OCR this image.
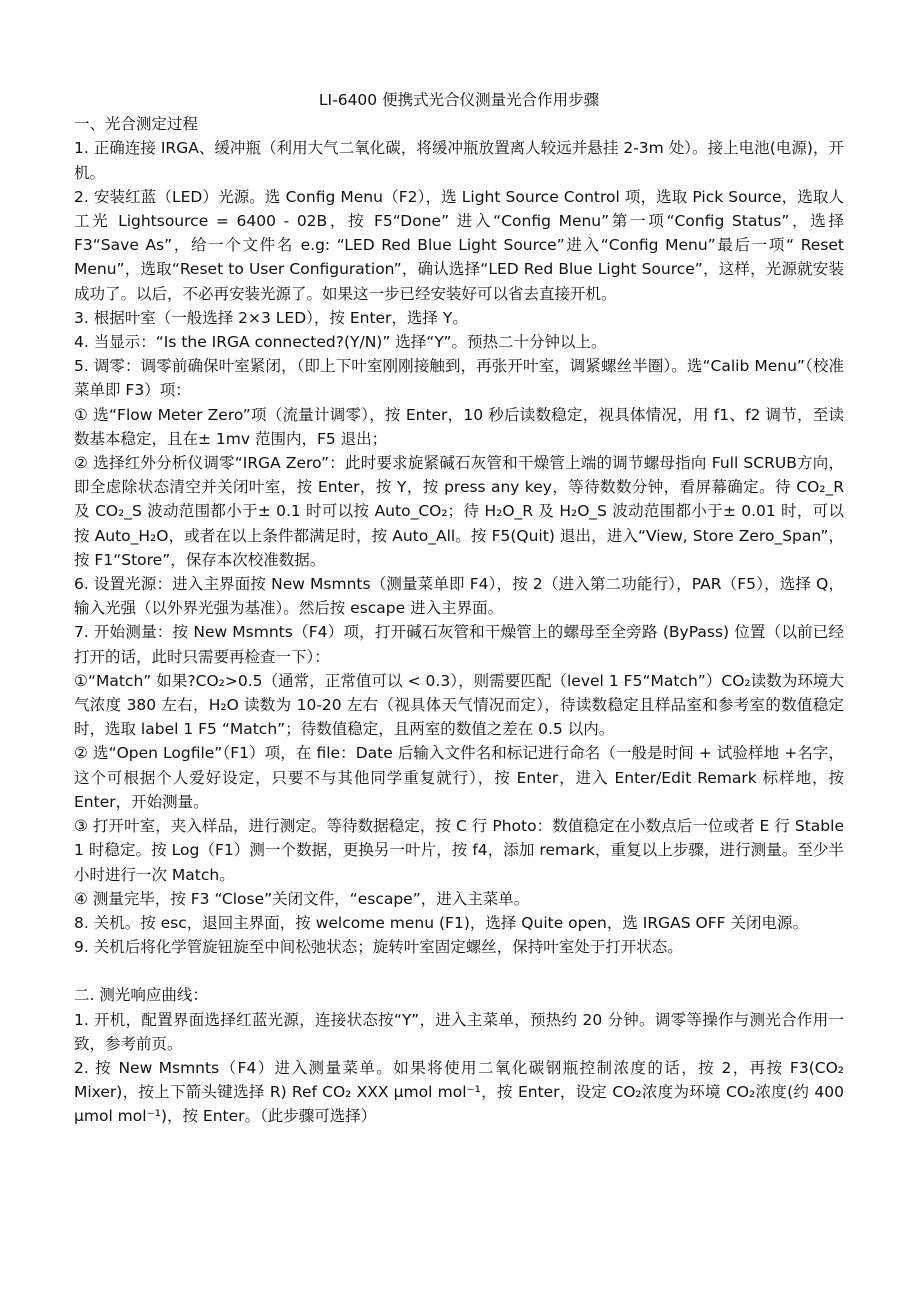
LI-6400 便携式光合仪测量光合作用步骤
一、光合测定过程
1. 正确连接 IRGA、缓冲瓶（利用大气二氧化碳，将缓冲瓶放置离人较远并悬挂 2-3m 处）。接上电池(电源)，开机。
2. 安装红蓝（LED）光源。选 Config Menu（F2），选 Light Source Control 项，选取 Pick Source，选取人工光 Lightsource = 6400 - 02B，按 F5“Done” 进入“Config Menu”第一项“Config Status”，选择 F3“Save As”，给一个文件名 e.g: “LED Red Blue Light Source”进入“Config Menu”最后一项“ Reset Menu”，选取“Reset to User Configuration”，确认选择“LED Red Blue Light Source”，这样，光源就安装成功了。以后，不必再安装光源了。如果这一步已经安装好可以省去直接开机。
3. 根据叶室（一般选择 2×3 LED），按 Enter，选择 Y。
4. 当显示：“Is the IRGA connected?(Y/N)” 选择“Y”。预热二十分钟以上。
5. 调零：调零前确保叶室紧闭，（即上下叶室刚刚接触到，再张开叶室，调紧螺丝半圈）。选“Calib Menu”（校准菜单即 F3）项：
① 选“Flow Meter Zero”项（流量计调零），按 Enter，10 秒后读数稳定，视具体情况，用 f1、f2 调节，至读数基本稳定，且在± 1mv 范围内，F5 退出；
② 选择红外分析仪调零“IRGA Zero”：此时要求旋紧碱石灰管和干燥管上端的调节螺母指向 Full SCRUB方向，即全虑除状态清空并关闭叶室，按 Enter，按 Y，按 press any key，等待数数分钟，看屏幕确定。待 CO₂_R 及 CO₂_S 波动范围都小于± 0.1 时可以按 Auto_CO₂；待 H₂O_R 及 H₂O_S 波动范围都小于± 0.01 时，可以按 Auto_H₂O，或者在以上条件都满足时，按 Auto_All。按 F5(Quit) 退出，进入“View, Store Zero_Span”，按 F1“Store”，保存本次校准数据。
6. 设置光源：进入主界面按 New Msmnts（测量菜单即 F4），按 2（进入第二功能行），PAR（F5），选择 Q，输入光强（以外界光强为基准）。然后按 escape 进入主界面。
7. 开始测量：按 New Msmnts（F4）项，打开碱石灰管和干燥管上的螺母至全旁路 (ByPass) 位置（以前已经打开的话，此时只需要再检查一下）：
①“Match” 如果?CO₂>0.5（通常，正常值可以 < 0.3），则需要匹配（level 1 F5“Match”）CO₂读数为环境大气浓度 380 左右，H₂O 读数为 10-20 左右（视具体天气情况而定），待读数稳定且样品室和参考室的数值稳定时，选取 label 1 F5 “Match”；待数值稳定，且两室的数值之差在 0.5 以内。
② 选“Open Logfile”（F1）项，在 file：Date 后输入文件名和标记进行命名（一般是时间 + 试验样地 +名字，这个可根据个人爱好设定，只要不与其他同学重复就行），按 Enter，进入 Enter/Edit Remark 标样地，按 Enter，开始测量。
③ 打开叶室，夹入样品，进行测定。等待数据稳定，按 C 行 Photo：数值稳定在小数点后一位或者 E 行 Stable 1 时稳定。按 Log（F1）测一个数据，更换另一叶片，按 f4，添加 remark，重复以上步骤，进行测量。至少半小时进行一次 Match。
④ 测量完毕，按 F3 “Close”关闭文件，“escape”，进入主菜单。
8. 关机。按 esc，退回主界面，按 welcome menu (F1)，选择 Quite open，选 IRGAS OFF 关闭电源。
9. 关机后将化学管旋钮旋至中间松弛状态；旋转叶室固定螺丝，保持叶室处于打开状态。
二. 测光响应曲线：
1. 开机，配置界面选择红蓝光源，连接状态按“Y”，进入主菜单，预热约 20 分钟。调零等操作与测光合作用一致，参考前页。
2. 按 New Msmnts（F4）进入测量菜单。如果将使用二氧化碳钢瓶控制浓度的话，按 2，再按 F3(CO₂ Mixer)，按上下箭头键选择 R) Ref CO₂ XXX μmol mol⁻¹，按 Enter，设定 CO₂浓度为环境 CO₂浓度(约 400 μmol mol⁻¹)，按 Enter。（此步骤可选择）
